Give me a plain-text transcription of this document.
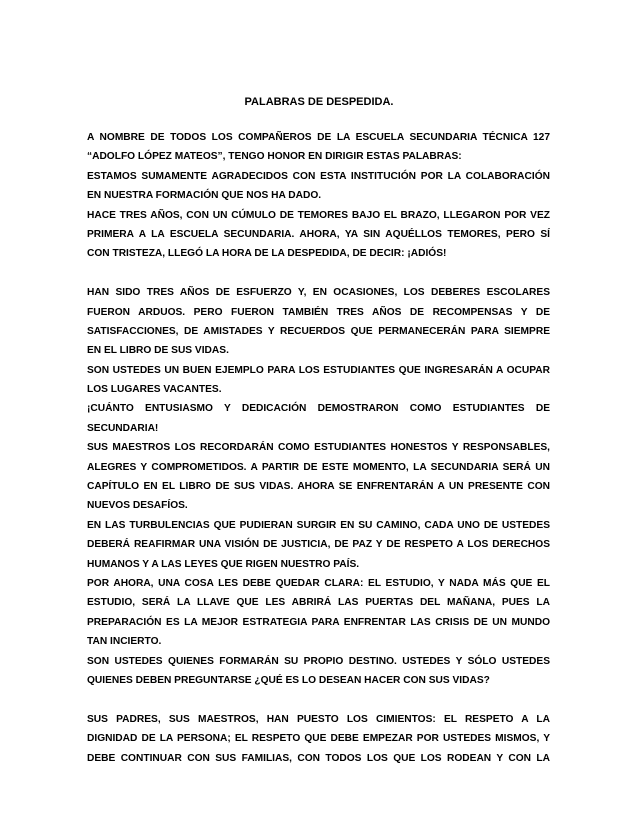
PALABRAS DE DESPEDIDA.
A NOMBRE DE TODOS LOS COMPAÑEROS DE LA ESCUELA SECUNDARIA TÉCNICA 127
“ADOLFO LÓPEZ MATEOS”, TENGO HONOR EN DIRIGIR ESTAS PALABRAS:
ESTAMOS SUMAMENTE AGRADECIDOS CON ESTA INSTITUCIÓN POR LA COLABORACIÓN
EN NUESTRA FORMACIÓN QUE NOS HA DADO.
HACE TRES AÑOS, CON UN CÚMULO DE TEMORES BAJO EL BRAZO, LLEGARON POR VEZ
PRIMERA A LA ESCUELA SECUNDARIA. AHORA, YA SIN AQUÉLLOS TEMORES, PERO SÍ
CON TRISTEZA, LLEGÓ LA HORA DE LA DESPEDIDA, DE DECIR: ¡ADIÓS!
HAN SIDO TRES AÑOS DE ESFUERZO Y, EN OCASIONES, LOS DEBERES ESCOLARES
FUERON ARDUOS. PERO FUERON TAMBIÉN TRES AÑOS DE RECOMPENSAS Y DE
SATISFACCIONES, DE AMISTADES Y RECUERDOS QUE PERMANECERÁN PARA SIEMPRE
EN EL LIBRO DE SUS VIDAS.
SON USTEDES UN BUEN EJEMPLO PARA LOS ESTUDIANTES QUE INGRESARÁN A OCUPAR
LOS LUGARES VACANTES.
¡CUÁNTO ENTUSIASMO Y DEDICACIÓN DEMOSTRARON COMO ESTUDIANTES DE
SECUNDARIA!
SUS MAESTROS LOS RECORDARÁN COMO ESTUDIANTES HONESTOS Y RESPONSABLES,
ALEGRES Y COMPROMETIDOS. A PARTIR DE ESTE MOMENTO, LA SECUNDARIA SERÁ UN
CAPÍTULO EN EL LIBRO DE SUS VIDAS. AHORA SE ENFRENTARÁN A UN PRESENTE CON
NUEVOS DESAFÍOS.
EN LAS TURBULENCIAS QUE PUDIERAN SURGIR EN SU CAMINO, CADA UNO DE USTEDES
DEBERÁ REAFIRMAR UNA VISIÓN DE JUSTICIA, DE PAZ Y DE RESPETO A LOS DERECHOS
HUMANOS Y A LAS LEYES QUE RIGEN NUESTRO PAÍS.
POR AHORA, UNA COSA LES DEBE QUEDAR CLARA: EL ESTUDIO, Y NADA MÁS QUE EL
ESTUDIO, SERÁ LA LLAVE QUE LES ABRIRÁ LAS PUERTAS DEL MAÑANA, PUES LA
PREPARACIÓN ES LA MEJOR ESTRATEGIA PARA ENFRENTAR LAS CRISIS DE UN MUNDO
TAN INCIERTO.
SON USTEDES QUIENES FORMARÁN SU PROPIO DESTINO. USTEDES Y SÓLO USTEDES
QUIENES DEBEN PREGUNTARSE ¿QUÉ ES LO DESEAN HACER CON SUS VIDAS?
SUS PADRES, SUS MAESTROS, HAN PUESTO LOS CIMIENTOS: EL RESPETO A LA
DIGNIDAD DE LA PERSONA; EL RESPETO QUE DEBE EMPEZAR POR USTEDES MISMOS, Y
DEBE CONTINUAR CON SUS FAMILIAS, CON TODOS LOS QUE LOS RODEAN Y CON LA
